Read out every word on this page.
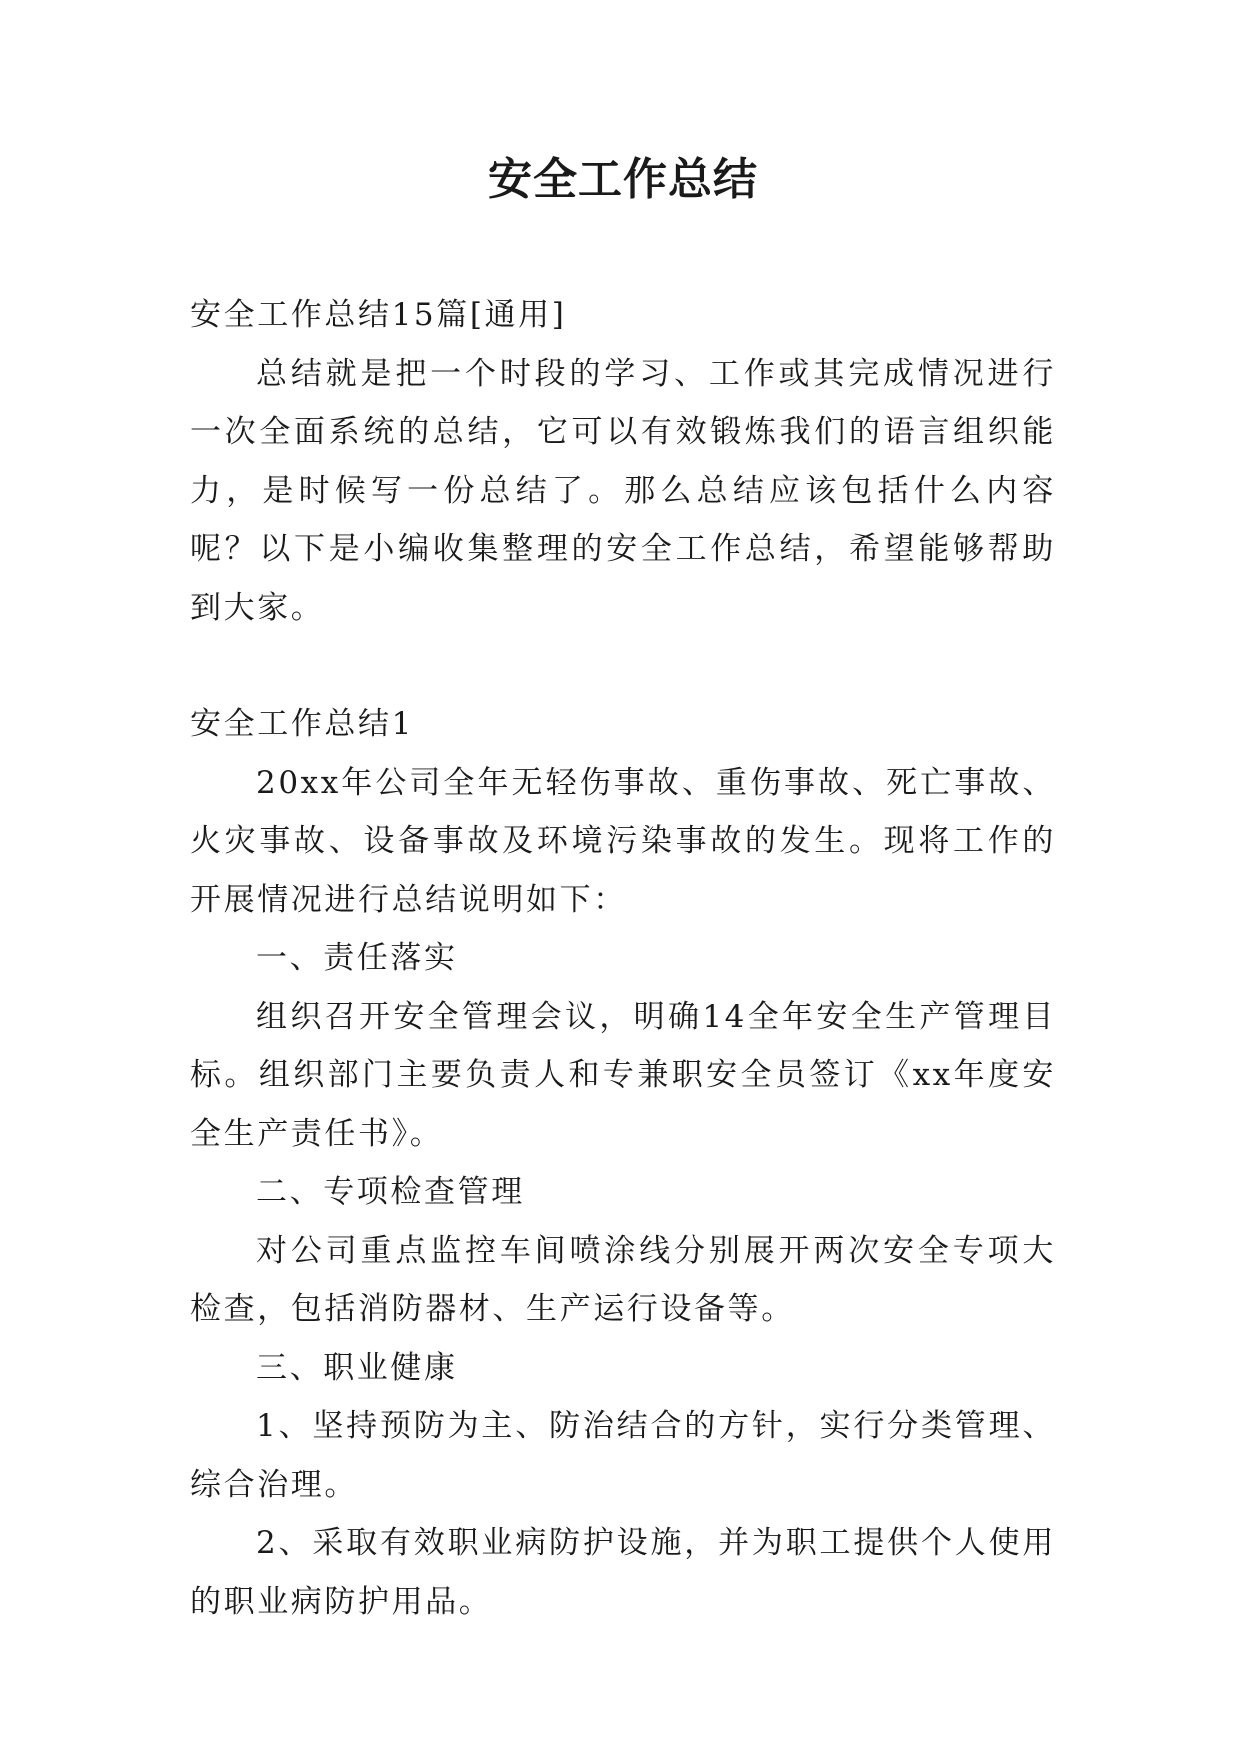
安全工作总结

安全工作总结15篇[通用]

总结就是把一个时段的学习、工作或其完成情况进行一次全面系统的总结，它可以有效锻炼我们的语言组织能力，是时候写一份总结了。那么总结应该包括什么内容呢？以下是小编收集整理的安全工作总结，希望能够帮助到大家。

安全工作总结1

20xx年公司全年无轻伤事故、重伤事故、死亡事故、火灾事故、设备事故及环境污染事故的发生。现将工作的开展情况进行总结说明如下：

一、责任落实

组织召开安全管理会议，明确14全年安全生产管理目标。组织部门主要负责人和专兼职安全员签订《xx年度安全生产责任书》。

二、专项检查管理

对公司重点监控车间喷涂线分别展开两次安全专项大检查，包括消防器材、生产运行设备等。

三、职业健康

1、坚持预防为主、防治结合的方针，实行分类管理、综合治理。

2、采取有效职业病防护设施，并为职工提供个人使用的职业病防护用品。
